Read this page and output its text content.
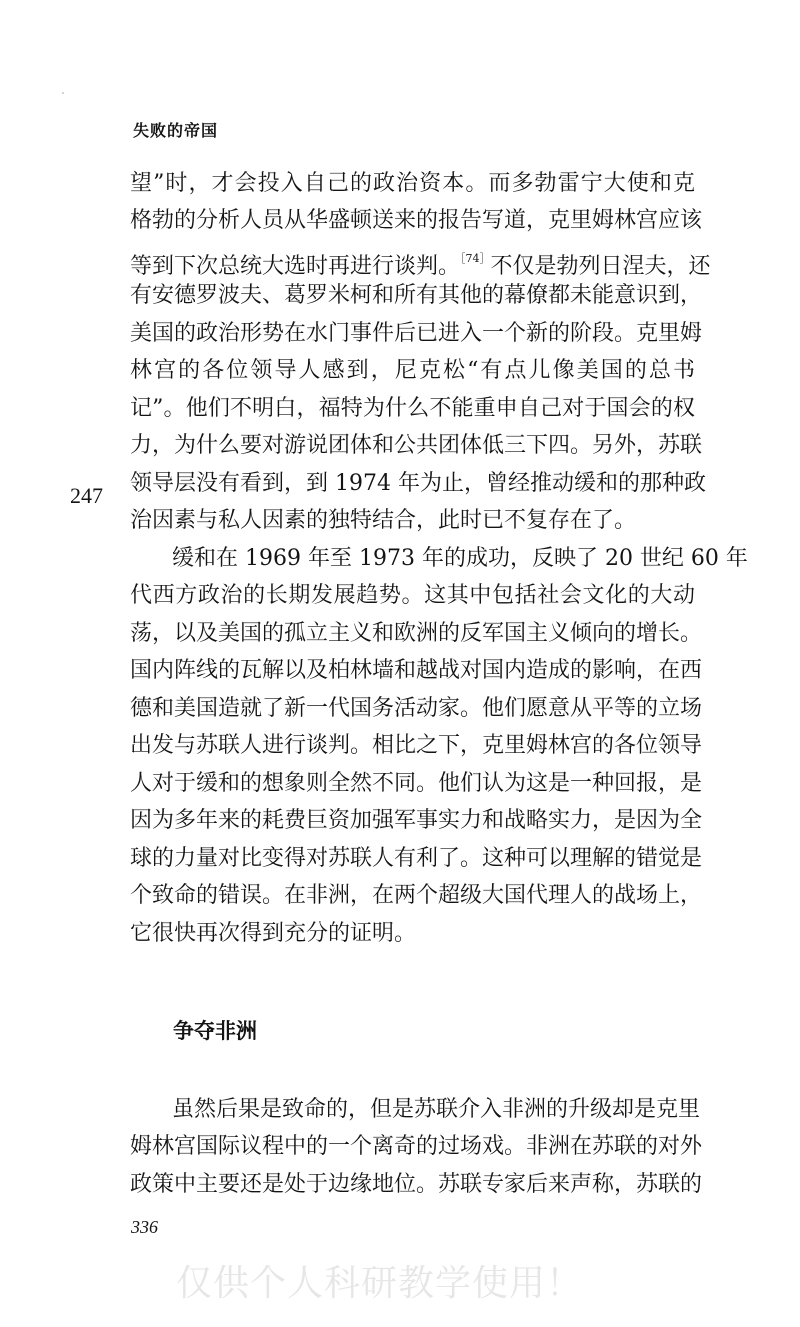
失败的帝国
247
望”时，才会投入自己的政治资本。而多勃雷宁大使和克
格勃的分析人员从华盛顿送来的报告写道，克里姆林宫应该
等到下次总统大选时再进行谈判。$^{[74]}$不仅是勃列日涅夫，还
有安德罗波夫、葛罗米柯和所有其他的幕僚都未能意识到，
美国的政治形势在水门事件后已进入一个新的阶段。克里姆
林宫的各位领导人感到，尼克松“有点儿像美国的总书
记”。他们不明白，福特为什么不能重申自己对于国会的权
力，为什么要对游说团体和公共团体低三下四。另外，苏联
领导层没有看到，到 1974 年为止，曾经推动缓和的那种政
治因素与私人因素的独特结合，此时已不复存在了。
缓和在 1969 年至 1973 年的成功，反映了 20 世纪 60 年
代西方政治的长期发展趋势。这其中包括社会文化的大动
荡，以及美国的孤立主义和欧洲的反军国主义倾向的增长。
国内阵线的瓦解以及柏林墙和越战对国内造成的影响，在西
德和美国造就了新一代国务活动家。他们愿意从平等的立场
出发与苏联人进行谈判。相比之下，克里姆林宫的各位领导
人对于缓和的想象则全然不同。他们认为这是一种回报，是
因为多年来的耗费巨资加强军事实力和战略实力，是因为全
球的力量对比变得对苏联人有利了。这种可以理解的错觉是
个致命的错误。在非洲，在两个超级大国代理人的战场上，
它很快再次得到充分的证明。
争夺非洲
虽然后果是致命的，但是苏联介入非洲的升级却是克里
姆林宫国际议程中的一个离奇的过场戏。非洲在苏联的对外
政策中主要还是处于边缘地位。苏联专家后来声称，苏联的
336
仅供个人科研教学使用！
